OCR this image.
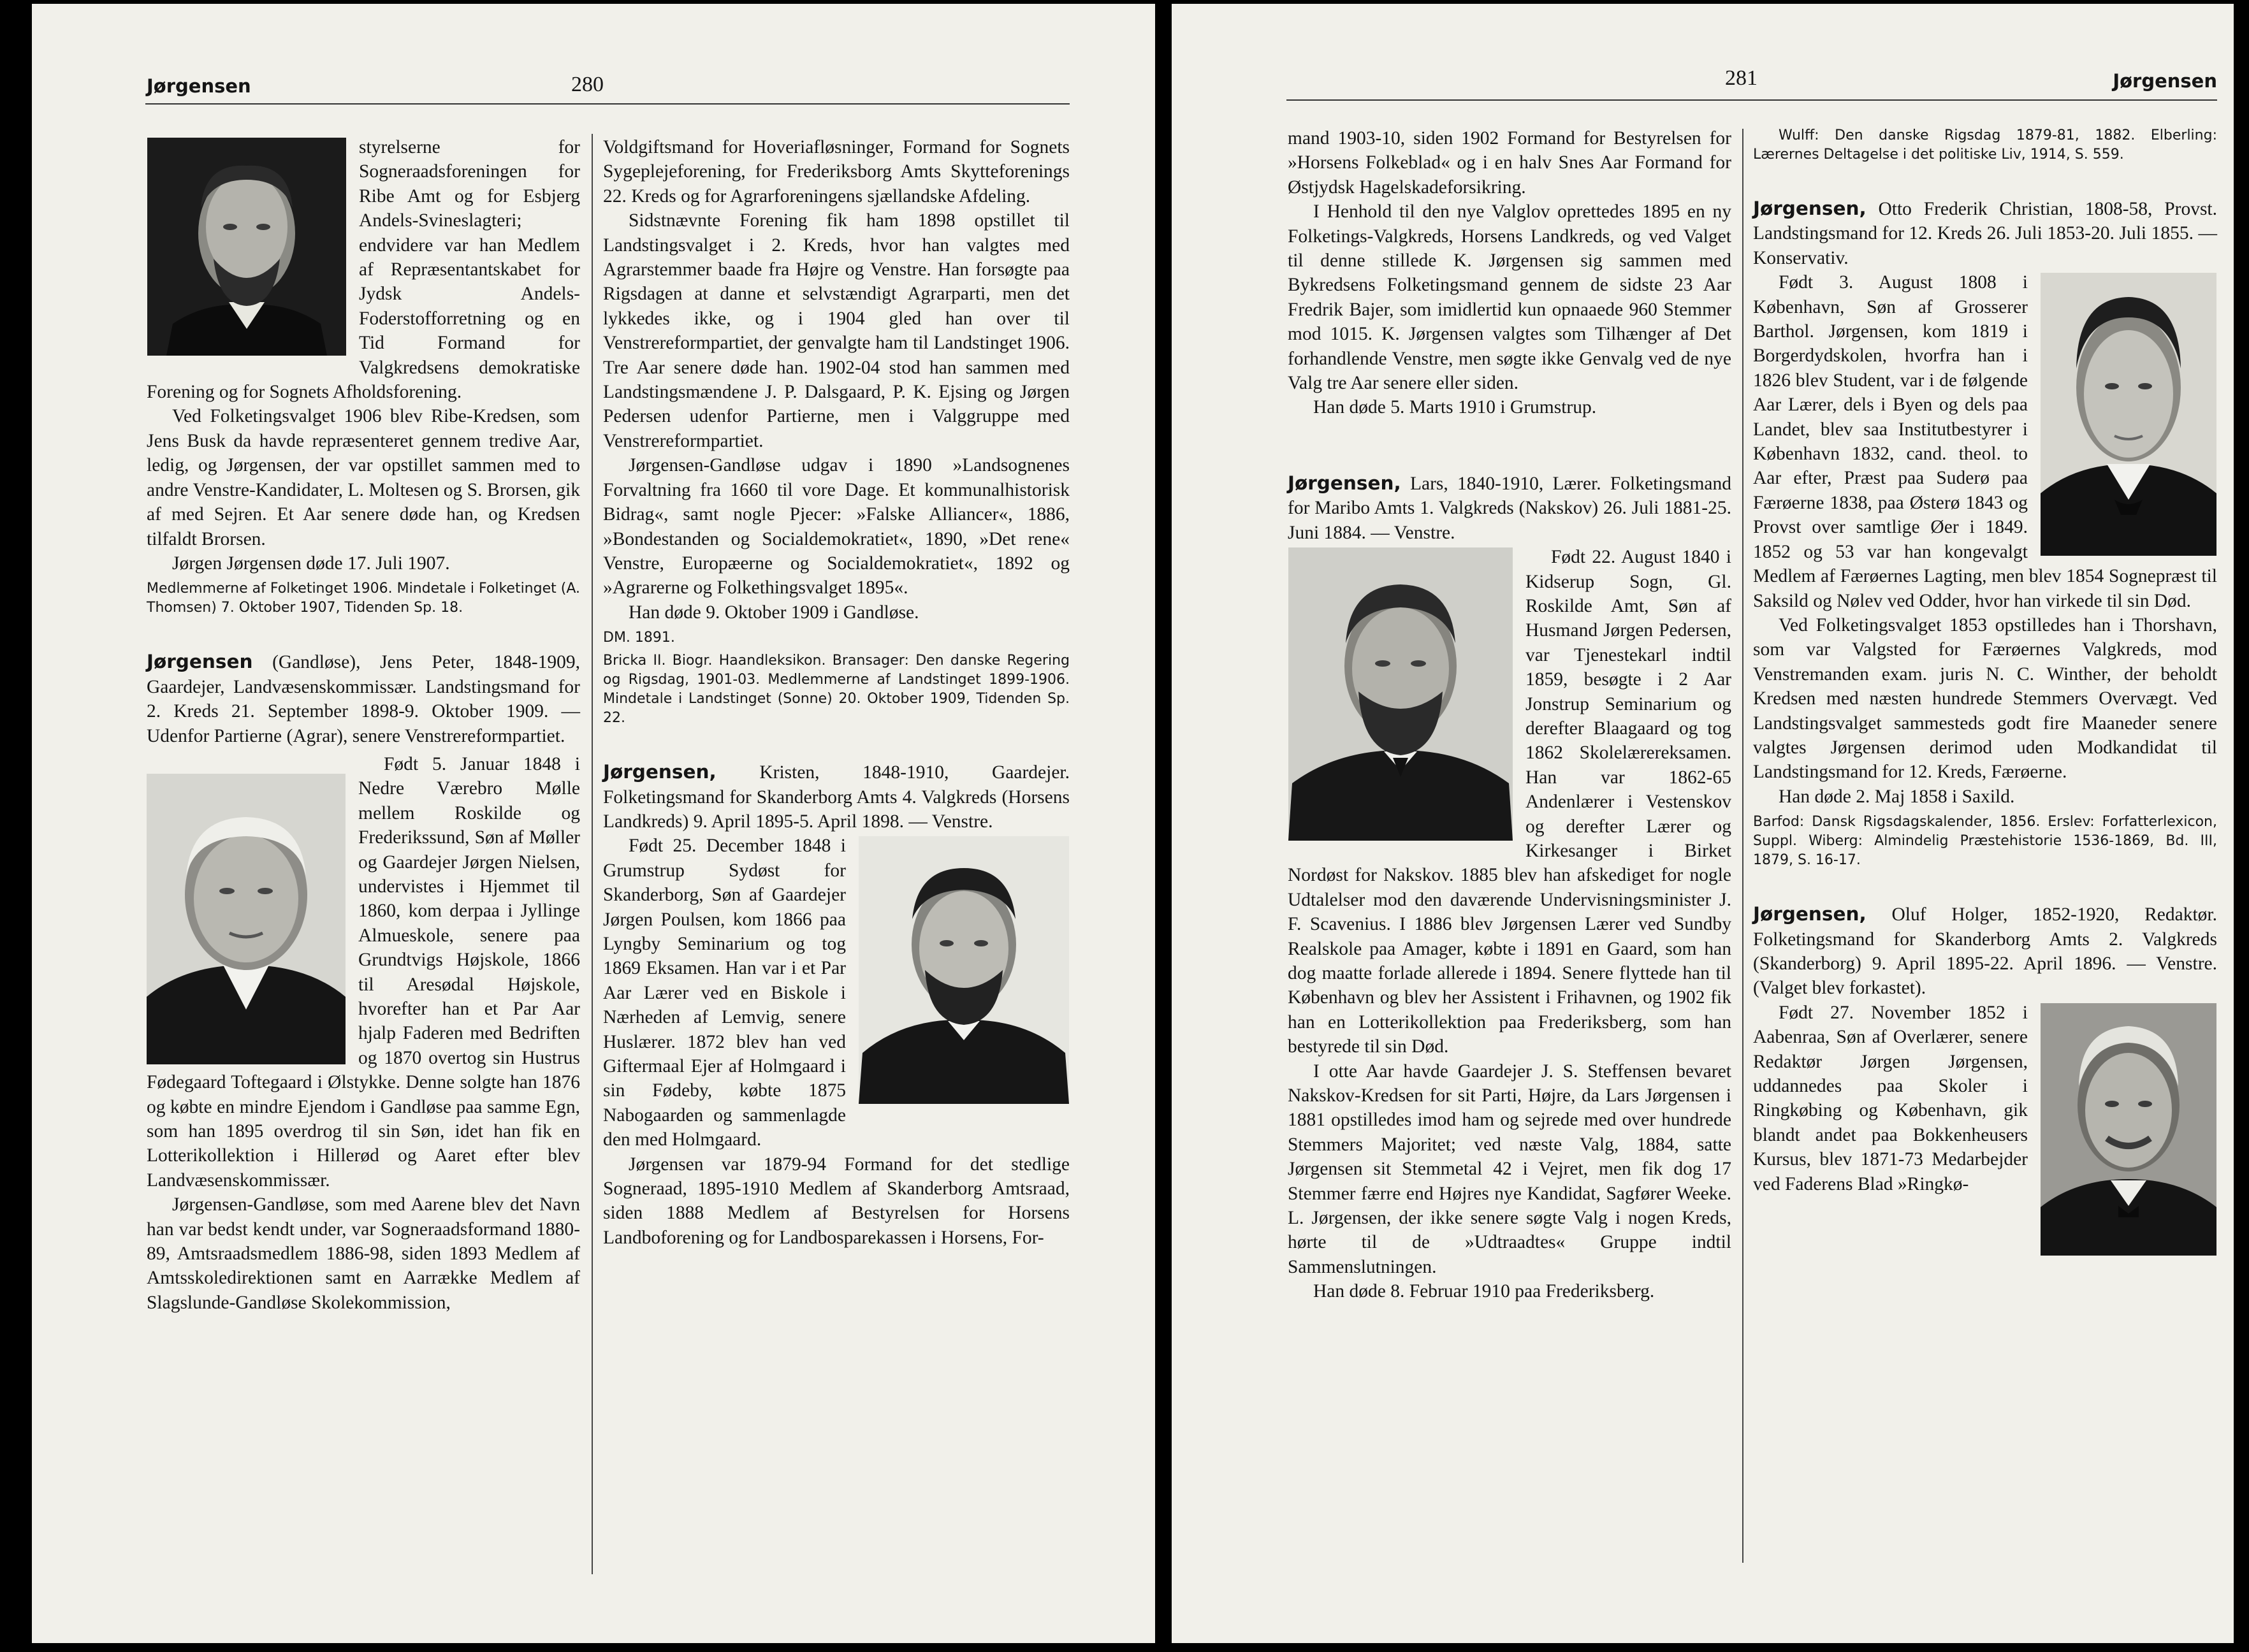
Jørgensen	280

styrelserne for Sogneraadsforeningen for Ribe Amt og for Esbjerg Andels-Svineslagteri; endvidere var han Medlem af Repræsentantskabet for Jydsk Andels-Foderstofforretning og en Tid Formand for Valgkredsens demokratiske Forening og for Sognets Afholdsforening.

Ved Folketingsvalget 1906 blev Ribe-Kredsen, som Jens Busk da havde repræsenteret gennem tredive Aar, ledig, og Jørgensen, der var opstillet sammen med to andre Venstre-Kandidater, L. Moltesen og S. Brorsen, gik af med Sejren. Et Aar senere døde han, og Kredsen tilfaldt Brorsen.

Jørgen Jørgensen døde 17. Juli 1907.

Medlemmerne af Folketinget 1906. Mindetale i Folketinget (A. Thomsen) 7. Oktober 1907, Tidenden Sp. 18.

Jørgensen (Gandløse), Jens Peter, 1848-1909, Gaardejer, Landvæsenskommissær. Landstingsmand for 2. Kreds 21. September 1898-9. Oktober 1909. — Udenfor Partierne (Agrar), senere Venstrereformpartiet.

Født 5. Januar 1848 i Nedre Værebro Mølle mellem Roskilde og Frederikssund, Søn af Møller og Gaardejer Jørgen Nielsen, undervistes i Hjemmet til 1860, kom derpaa i Jyllinge Almueskole, senere paa Grundtvigs Højskole, 1866 til Aresødal Højskole, hvorefter han et Par Aar hjalp Faderen med Bedriften og 1870 overtog sin Hustrus Fødegaard Toftegaard i Ølstykke. Denne solgte han 1876 og købte en mindre Ejendom i Gandløse paa samme Egn, som han 1895 overdrog til sin Søn, idet han fik en Lotterikollektion i Hillerød og Aaret efter blev Landvæsenskommissær.

Jørgensen-Gandløse, som med Aarene blev det Navn han var bedst kendt under, var Sogneraadsformand 1880-89, Amtsraadsmedlem 1886-98, siden 1893 Medlem af Amtsskoledirektionen samt en Aarrække Medlem af Slagslunde-Gandløse Skolekommission,

Voldgiftsmand for Hoveriafløsninger, Formand for Sognets Sygeplejeforening, for Frederiksborg Amts Skytteforenings 22. Kreds og for Agrarforeningens sjællandske Afdeling.

Sidstnævnte Forening fik ham 1898 opstillet til Landstingsvalget i 2. Kreds, hvor han valgtes med Agrarstemmer baade fra Højre og Venstre. Han forsøgte paa Rigsdagen at danne et selvstændigt Agrarparti, men det lykkedes ikke, og i 1904 gled han over til Venstrereformpartiet, der genvalgte ham til Landstinget 1906. Tre Aar senere døde han. 1902-04 stod han sammen med Landstingsmændene J. P. Dalsgaard, P. K. Ejsing og Jørgen Pedersen udenfor Partierne, men i Valggruppe med Venstrereformpartiet.

Jørgensen-Gandløse udgav i 1890 »Landsognenes Forvaltning fra 1660 til vore Dage. Et kommunalhistorisk Bidrag«, samt nogle Pjecer: »Falske Alliancer«, 1886, »Bondestanden og Socialdemokratiet«, 1890, »Det rene« Venstre, Europæerne og Socialdemokratiet«, 1892 og »Agrarerne og Folkethingsvalget 1895«.

Han døde 9. Oktober 1909 i Gandløse.

DM. 1891.

Bricka II. Biogr. Haandleksikon. Bransager: Den danske Regering og Rigsdag, 1901-03. Medlemmerne af Landstinget 1899-1906. Mindetale i Landstinget (Sonne) 20. Oktober 1909, Tidenden Sp. 22.

Jørgensen, Kristen, 1848-1910, Gaardejer. Folketingsmand for Skanderborg Amts 4. Valgkreds (Horsens Landkreds) 9. April 1895-5. April 1898. — Venstre.

Født 25. December 1848 i Grumstrup Sydøst for Skanderborg, Søn af Gaardejer Jørgen Poulsen, kom 1866 paa Lyngby Seminarium og tog 1869 Eksamen. Han var i et Par Aar Lærer ved en Biskole i Nærheden af Lemvig, senere Huslærer. 1872 blev han ved Giftermaal Ejer af Holmgaard i sin Fødeby, købte 1875 Nabogaarden og sammenlagde den med Holmgaard.

Jørgensen var 1879-94 Formand for det stedlige Sogneraad, 1895-1910 Medlem af Skanderborg Amtsraad, siden 1888 Medlem af Bestyrelsen for Horsens Landboforening og for Landbosparekassen i Horsens, For-

281	Jørgensen

mand 1903-10, siden 1902 Formand for Bestyrelsen for »Horsens Folkeblad« og i en halv Snes Aar Formand for Østjydsk Hagelskadeforsikring.

I Henhold til den nye Valglov oprettedes 1895 en ny Folketings-Valgkreds, Horsens Landkreds, og ved Valget til denne stillede K. Jørgensen sig sammen med Bykredsens Folketingsmand gennem de sidste 23 Aar Fredrik Bajer, som imidlertid kun opnaaede 960 Stemmer mod 1015. K. Jørgensen valgtes som Tilhænger af Det forhandlende Venstre, men søgte ikke Genvalg ved de nye Valg tre Aar senere eller siden.

Han døde 5. Marts 1910 i Grumstrup.

Jørgensen, Lars, 1840-1910, Lærer. Folketingsmand for Maribo Amts 1. Valgkreds (Nakskov) 26. Juli 1881-25. Juni 1884. — Venstre.

Født 22. August 1840 i Kidserup Sogn, Gl. Roskilde Amt, Søn af Husmand Jørgen Pedersen, var Tjenestekarl indtil 1859, besøgte i 2 Aar Jonstrup Seminarium og derefter Blaagaard og tog 1862 Skolelærereksamen. Han var 1862-65 Andenlærer i Vestenskov og derefter Lærer og Kirkesanger i Birket Nordøst for Nakskov. 1885 blev han afskediget for nogle Udtalelser mod den daværende Undervisningsminister J. F. Scavenius. I 1886 blev Jørgensen Lærer ved Sundby Realskole paa Amager, købte i 1891 en Gaard, som han dog maatte forlade allerede i 1894. Senere flyttede han til København og blev her Assistent i Frihavnen, og 1902 fik han en Lotterikollektion paa Frederiksberg, som han bestyrede til sin Død.

I otte Aar havde Gaardejer J. S. Steffensen bevaret Nakskov-Kredsen for sit Parti, Højre, da Lars Jørgensen i 1881 opstilledes imod ham og sejrede med over hundrede Stemmers Majoritet; ved næste Valg, 1884, satte Jørgensen sit Stemmetal 42 i Vejret, men fik dog 17 Stemmer færre end Højres nye Kandidat, Sagfører Weeke. L. Jørgensen, der ikke senere søgte Valg i nogen Kreds, hørte til de »Udtraadtes« Gruppe indtil Sammenslutningen.

Han døde 8. Februar 1910 paa Frederiksberg.

Wulff: Den danske Rigsdag 1879-81, 1882. Elberling: Lærernes Deltagelse i det politiske Liv, 1914, S. 559.

Jørgensen, Otto Frederik Christian, 1808-58, Provst. Landstingsmand for 12. Kreds 26. Juli 1853-20. Juli 1855. — Konservativ.

Født 3. August 1808 i København, Søn af Grosserer Barthol. Jørgensen, kom 1819 i Borgerdydskolen, hvorfra han i 1826 blev Student, var i de følgende Aar Lærer, dels i Byen og dels paa Landet, blev saa Institutbestyrer i København 1832, cand. theol. to Aar efter, Præst paa Suderø paa Færøerne 1838, paa Østerø 1843 og Provst over samtlige Øer i 1849. 1852 og 53 var han kongevalgt Medlem af Færøernes Lagting, men blev 1854 Sognepræst til Saksild og Nølev ved Odder, hvor han virkede til sin Død.

Ved Folketingsvalget 1853 opstilledes han i Thorshavn, som var Valgsted for Færøernes Valgkreds, mod Venstremanden exam. juris N. C. Winther, der beholdt Kredsen med næsten hundrede Stemmers Overvægt. Ved Landstingsvalget sammesteds godt fire Maaneder senere valgtes Jørgensen derimod uden Modkandidat til Landstingsmand for 12. Kreds, Færøerne.

Han døde 2. Maj 1858 i Saxild.

Barfod: Dansk Rigsdagskalender, 1856. Erslev: Forfatterlexicon, Suppl. Wiberg: Almindelig Præstehistorie 1536-1869, Bd. III, 1879, S. 16-17.

Jørgensen, Oluf Holger, 1852-1920, Redaktør. Folketingsmand for Skanderborg Amts 2. Valgkreds (Skanderborg) 9. April 1895-22. April 1896. — Venstre. (Valget blev forkastet).

Født 27. November 1852 i Aabenraa, Søn af Overlærer, senere Redaktør Jørgen Jørgensen, uddannedes paa Skoler i Ringkøbing og København, gik blandt andet paa Bokkenheusers Kursus, blev 1871-73 Medarbejder ved Faderens Blad »Ringkø-
